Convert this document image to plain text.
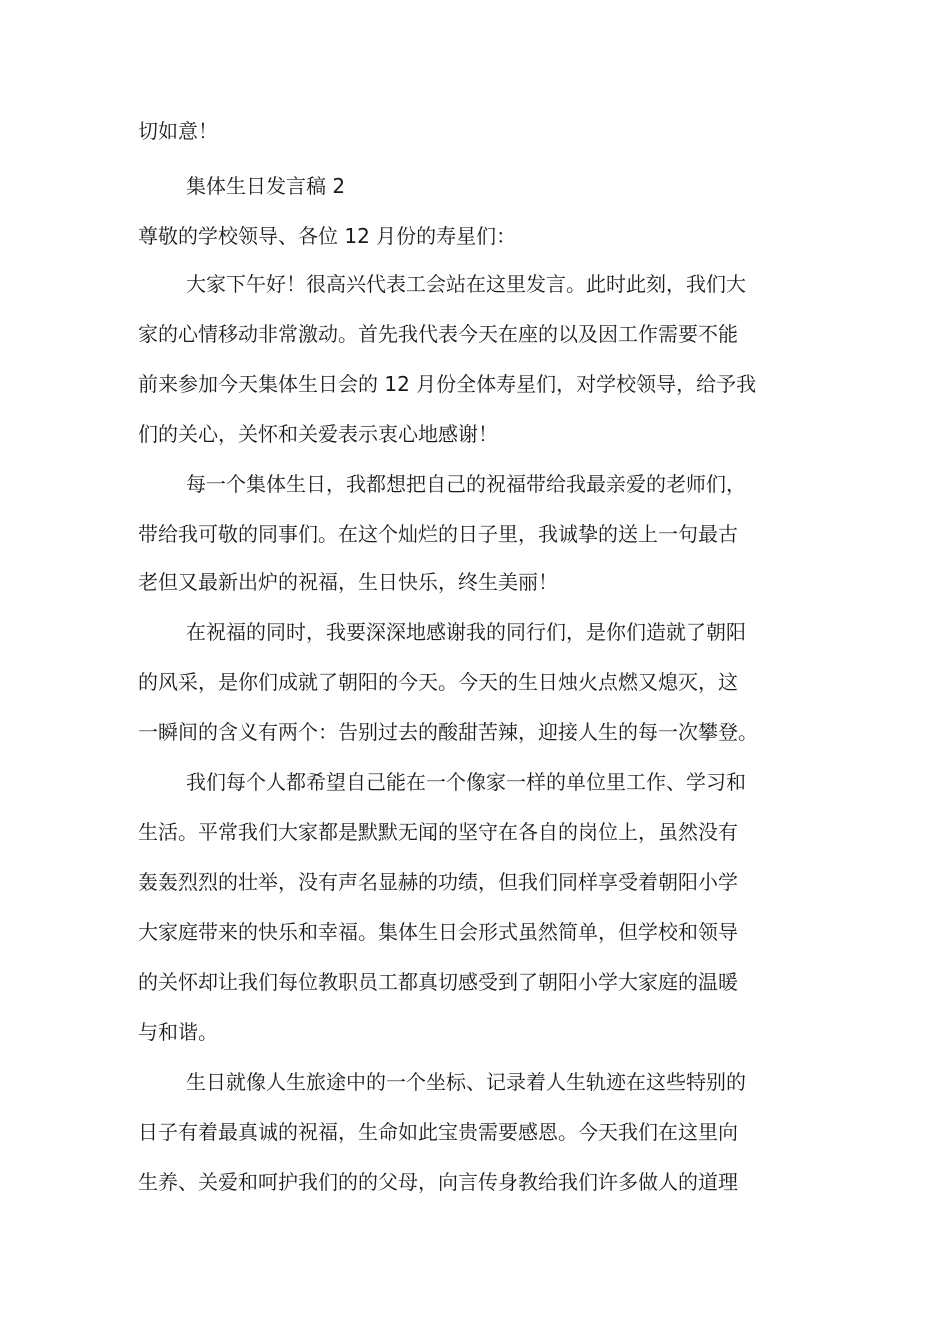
切如意！
集体生日发言稿 2
尊敬的学校领导、各位 12 月份的寿星们：
大家下午好！很高兴代表工会站在这里发言。此时此刻，我们大
家的心情移动非常激动。首先我代表今天在座的以及因工作需要不能
前来参加今天集体生日会的 12 月份全体寿星们，对学校领导，给予我
们的关心，关怀和关爱表示衷心地感谢！
每一个集体生日，我都想把自己的祝福带给我最亲爱的老师们，
带给我可敬的同事们。在这个灿烂的日子里，我诚挚的送上一句最古
老但又最新出炉的祝福，生日快乐，终生美丽！
在祝福的同时，我要深深地感谢我的同行们，是你们造就了朝阳
的风采，是你们成就了朝阳的今天。今天的生日烛火点燃又熄灭，这
一瞬间的含义有两个：告别过去的酸甜苦辣，迎接人生的每一次攀登。
我们每个人都希望自己能在一个像家一样的单位里工作、学习和
生活。平常我们大家都是默默无闻的坚守在各自的岗位上，虽然没有
轰轰烈烈的壮举，没有声名显赫的功绩，但我们同样享受着朝阳小学
大家庭带来的快乐和幸福。集体生日会形式虽然简单，但学校和领导
的关怀却让我们每位教职员工都真切感受到了朝阳小学大家庭的温暖
与和谐。
生日就像人生旅途中的一个坐标、记录着人生轨迹在这些特别的
日子有着最真诚的祝福，生命如此宝贵需要感恩。今天我们在这里向
生养、关爱和呵护我们的的父母，向言传身教给我们许多做人的道理
